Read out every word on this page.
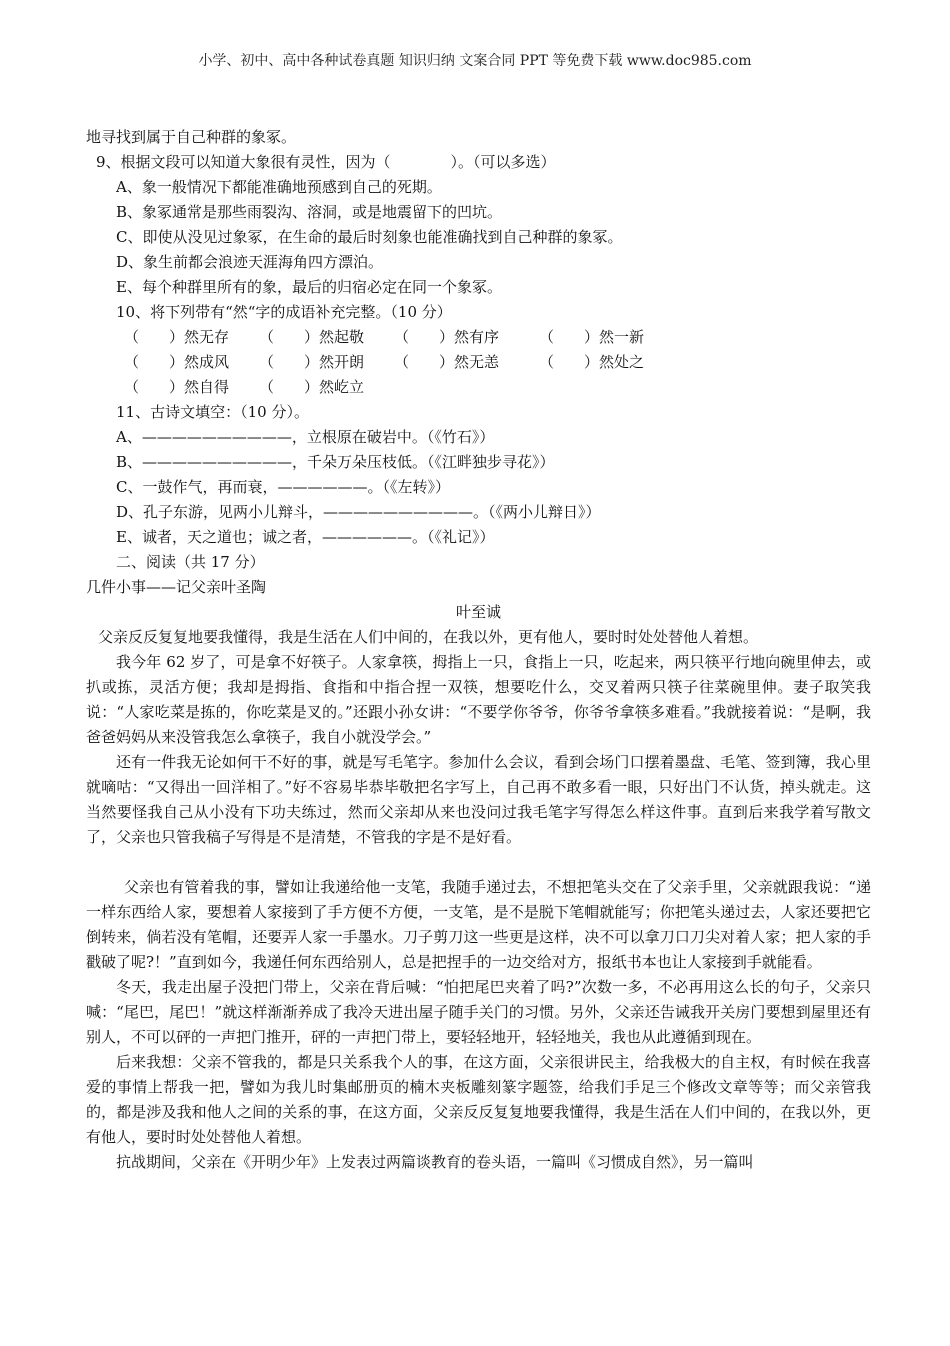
小学、初中、高中各种试卷真题 知识归纳 文案合同 PPT 等免费下载 www.doc985.com
地寻找到属于自己种群的象冢。
9、根据文段可以知道大象很有灵性，因为（　　　　）。（可以多选）
A、象一般情况下都能准确地预感到自己的死期。
B、象冢通常是那些雨裂沟、溶洞，或是地震留下的凹坑。
C、即使从没见过象冢，在生命的最后时刻象也能准确找到自己种群的象冢。
D、象生前都会浪迹天涯海角四方漂泊。
E、每个种群里所有的象，最后的归宿必定在同一个象冢。
10、将下列带有“然“字的成语补充完整。（10 分）
（　　）然无存	（　　）然起敬	（　　）然有序	（　　）然一新
（　　）然成风	（　　）然开朗	（　　）然无恙	（　　）然处之
（　　）然自得	（　　）然屹立
11、古诗文填空：（10 分）。
A、——————————，立根原在破岩中。（《竹石》）
B、——————————，千朵万朵压枝低。（《江畔独步寻花》）
C、一鼓作气，再而衰，——————。（《左转》）
D、孔子东游，见两小儿辩斗，——————————。（《两小儿辩日》）
E、诚者，天之道也；诚之者，——————。（《礼记》）
二、阅读（共 17 分）
几件小事——记父亲叶圣陶
叶至诚

父亲反反复复地要我懂得，我是生活在人们中间的，在我以外，更有他人，要时时处处替他人着想。

我今年 62 岁了，可是拿不好筷子。人家拿筷，拇指上一只，食指上一只，吃起来，两只筷平行地向碗里伸去，或扒或拣，灵活方便；我却是拇指、食指和中指合捏一双筷，想要吃什么，交叉着两只筷子往菜碗里伸。妻子取笑我说：“人家吃菜是拣的，你吃菜是叉的。”还跟小孙女讲：“不要学你爷爷，你爷爷拿筷多难看。”我就接着说：“是啊，我爸爸妈妈从来没管我怎么拿筷子，我自小就没学会。”

还有一件我无论如何干不好的事，就是写毛笔字。参加什么会议，看到会场门口摆着墨盘、毛笔、签到簿，我心里就嘀咕：“又得出一回洋相了。”好不容易毕恭毕敬把名字写上，自己再不敢多看一眼，只好出门不认货，掉头就走。这当然要怪我自己从小没有下功夫练过，然而父亲却从来也没问过我毛笔字写得怎么样这件事。直到后来我学着写散文了，父亲也只管我稿子写得是不是清楚，不管我的字是不是好看。

父亲也有管着我的事，譬如让我递给他一支笔，我随手递过去，不想把笔头交在了父亲手里，父亲就跟我说：“递一样东西给人家，要想着人家接到了手方便不方便，一支笔，是不是脱下笔帽就能写；你把笔头递过去，人家还要把它倒转来，倘若没有笔帽，还要弄人家一手墨水。刀子剪刀这一些更是这样，决不可以拿刀口刀尖对着人家；把人家的手戳破了呢?！”直到如今，我递任何东西给别人，总是把捏手的一边交给对方，报纸书本也让人家接到手就能看。

冬天，我走出屋子没把门带上，父亲在背后喊：“怕把尾巴夹着了吗?”次数一多，不必再用这么长的句子，父亲只喊：“尾巴，尾巴！”就这样渐渐养成了我冷天进出屋子随手关门的习惯。另外，父亲还告诫我开关房门要想到屋里还有别人，不可以砰的一声把门推开，砰的一声把门带上，要轻轻地开，轻轻地关，我也从此遵循到现在。

后来我想：父亲不管我的，都是只关系我个人的事，在这方面，父亲很讲民主，给我极大的自主权，有时候在我喜爱的事情上帮我一把，譬如为我儿时集邮册页的楠木夹板雕刻篆字题签，给我们手足三个修改文章等等；而父亲管我的，都是涉及我和他人之间的关系的事，在这方面，父亲反反复复地要我懂得，我是生活在人们中间的，在我以外，更有他人，要时时处处替他人着想。

抗战期间，父亲在《开明少年》上发表过两篇谈教育的卷头语，一篇叫《习惯成自然》，另一篇叫
